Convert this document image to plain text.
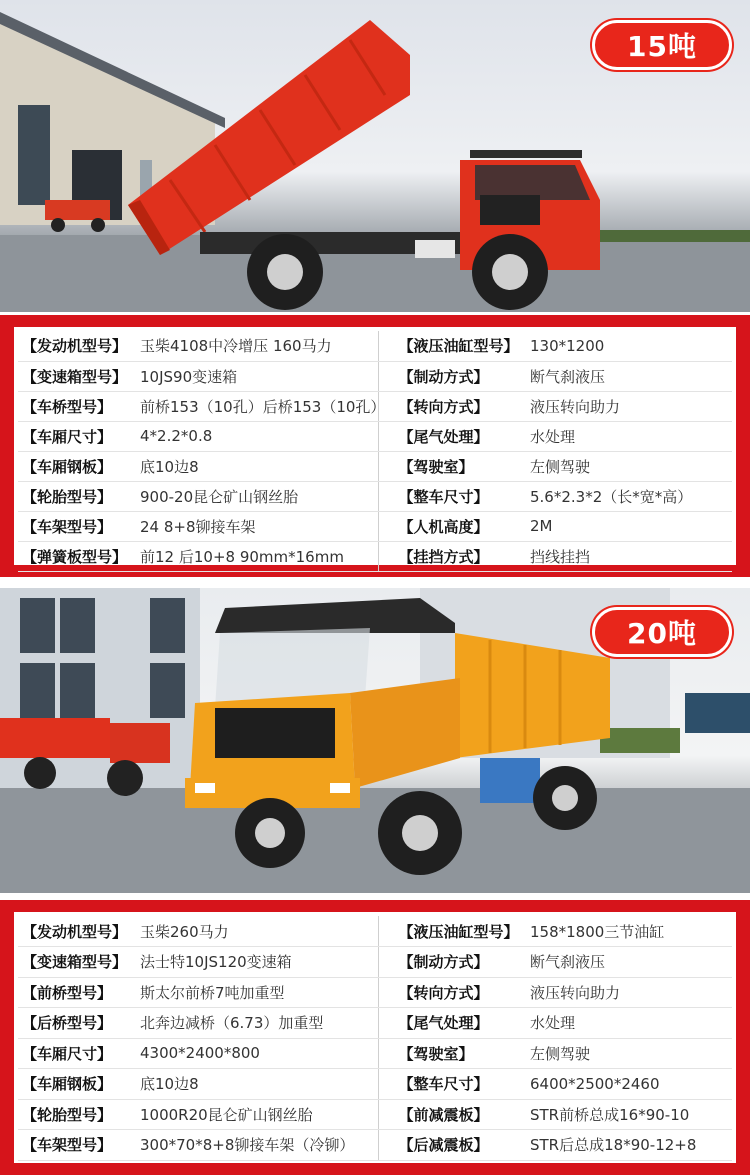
15吨
【发动机型号】	玉柴4108中冷增压 160马力	【液压油缸型号】	130*1200
【变速箱型号】	10JS90变速箱	【制动方式】	断气刹液压
【车桥型号】	前桥153（10孔）后桥153（10孔）	【转向方式】	液压转向助力
【车厢尺寸】	4*2.2*0.8	【尾气处理】	水处理
【车厢钢板】	底10边8	【驾驶室】	左侧驾驶
【轮胎型号】	900-20昆仑矿山钢丝胎	【整车尺寸】	5.6*2.3*2（长*宽*高）
【车架型号】	24 8+8铆接车架	【人机高度】	2M
【弹簧板型号】	前12 后10+8 90mm*16mm	【挂挡方式】	挡线挂挡
20吨
【发动机型号】	玉柴260马力	【液压油缸型号】	158*1800三节油缸
【变速箱型号】	法士特10JS120变速箱	【制动方式】	断气刹液压
【前桥型号】	斯太尔前桥7吨加重型	【转向方式】	液压转向助力
【后桥型号】	北奔边减桥（6.73）加重型	【尾气处理】	水处理
【车厢尺寸】	4300*2400*800	【驾驶室】	左侧驾驶
【车厢钢板】	底10边8	【整车尺寸】	6400*2500*2460
【轮胎型号】	1000R20昆仑矿山钢丝胎	【前减震板】	STR前桥总成16*90-10
【车架型号】	300*70*8+8铆接车架（冷铆）	【后减震板】	STR后总成18*90-12+8
